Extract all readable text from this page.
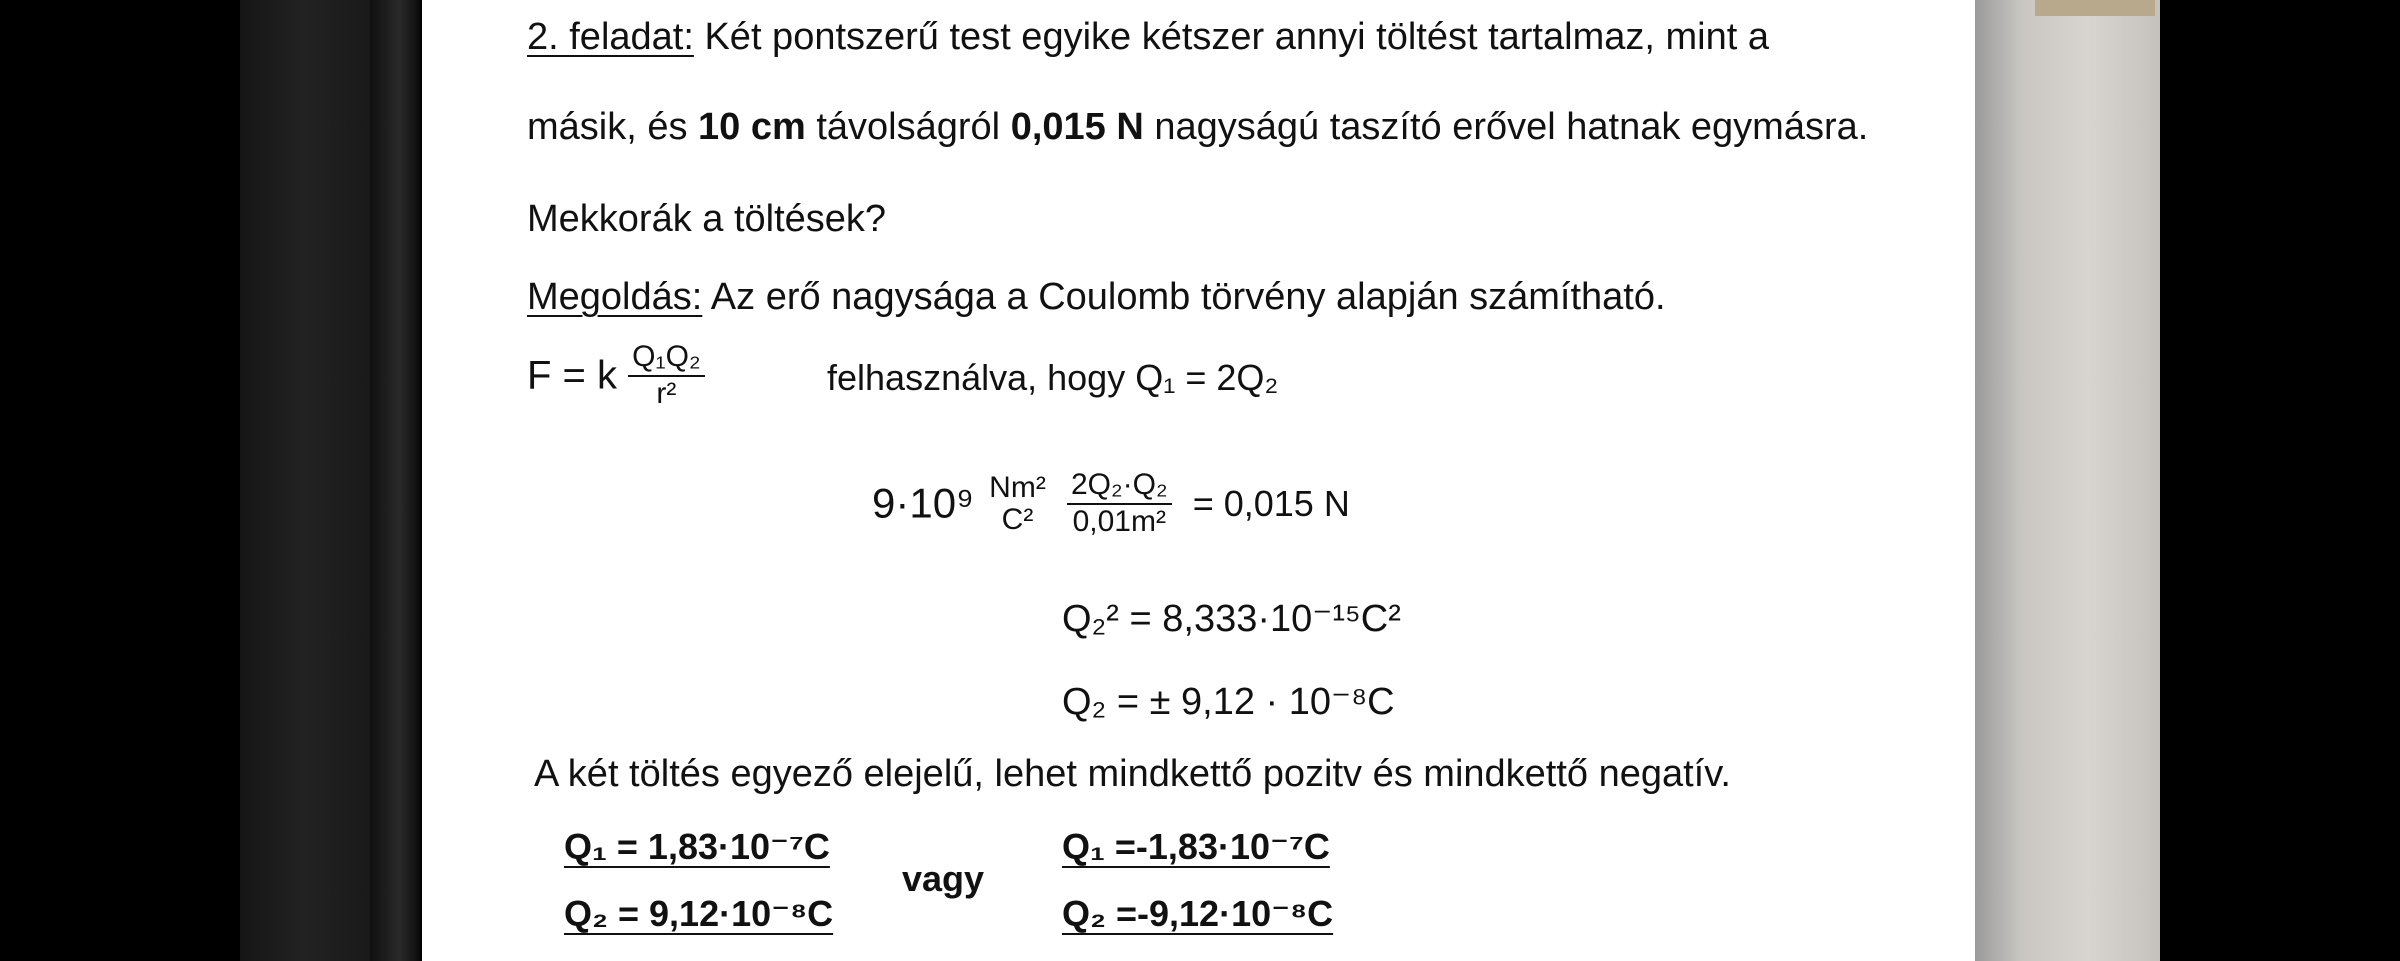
2. feladat: Két pontszerű test egyike kétszer annyi töltést tartalmaz, mint a
másik, és 10 cm távolságról 0,015 N nagyságú taszító erővel hatnak egymásra.
Mekkorák a töltések?
Megoldás: Az erő nagysága a Coulomb törvény alapján számítható.
F = k $\frac{\text{Q₁Q₂}}{\text{r²}}$	felhasználva, hogy Q₁ = 2Q₂
9·10⁹ Nm²
C²
	$\frac{\text{2Q₂·Q₂}}{\text{0,01m²}} = 0,015$ N
Q₂² = 8,333·10⁻¹⁵C²
Q₂ = ± 9,12 · 10⁻⁸C
A két töltés egyező elejelű, lehet mindkettő pozitv és mindkettő negatív.
Q₁ = 1,83·10⁻⁷C
Q₂ = 9,12·10⁻⁸C
vagy
Q₁ =-1,83·10⁻⁷C
Q₂ =-9,12·10⁻⁸C
